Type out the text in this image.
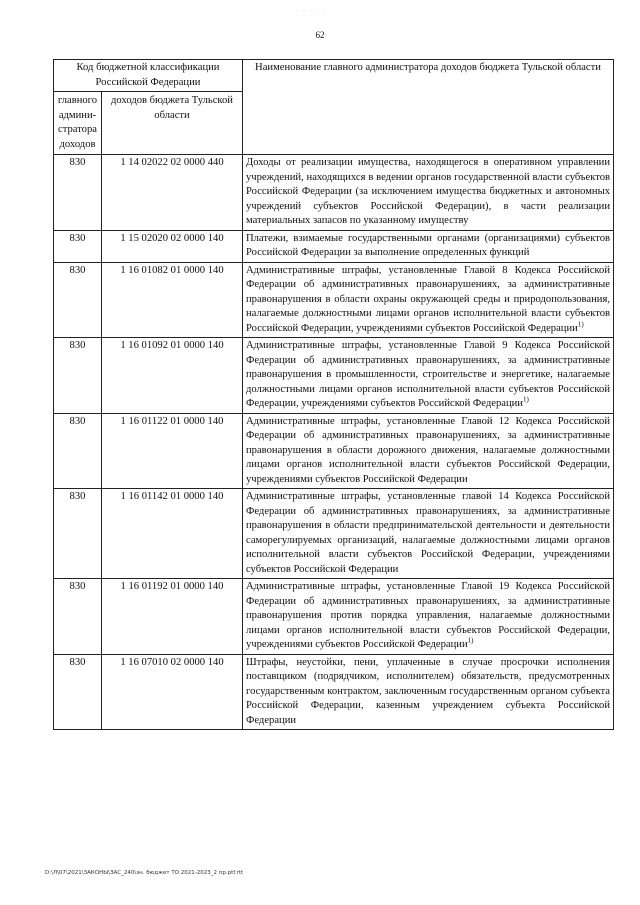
· . . . . .
62
Код бюджетной классификации Российской Федерации		Наименование главного администратора доходов бюджета Тульской области
главного админи-стратора доходов	доходов бюджета Тульской области	
830	1 14 02022 02 0000 440	Доходы от реализации имущества, находящегося в оперативном управлении учреждений, находящихся в ведении органов государственной власти субъектов Российской Федерации (за исключением имущества бюджетных и автономных учреждений субъектов Российской Федерации), в части реализации материальных запасов по указанному имуществу
830	1 15 02020 02 0000 140	Платежи, взимаемые государственными органами (организациями) субъектов Российской Федерации за выполнение определенных функций
830	1 16 01082 01 0000 140	Административные штрафы, установленные Главой 8 Кодекса Российской Федерации об административных правонарушениях, за административные правонарушения в области охраны окружающей среды и природопользования, налагаемые должностными лицами органов исполнительной власти субъектов Российской Федерации, учреждениями субъектов Российской Федерации$^{1)}$
830	1 16 01092 01 0000 140	Административные штрафы, установленные Главой 9 Кодекса Российской Федерации об административных правонарушениях, за административные правонарушения в промышленности, строительстве и энергетике, налагаемые должностными лицами органов исполнительной власти субъектов Российской Федерации, учреждениями субъектов Российской Федерации$^{1)}$
830	1 16 01122 01 0000 140	Административные штрафы, установленные Главой 12 Кодекса Российской Федерации об административных правонарушениях, за административные правонарушения в области дорожного движения, налагаемые должностными лицами органов исполнительной власти субъектов Российской Федерации, учреждениями субъектов Российской Федерации
830	1 16 01142 01 0000 140	Административные штрафы, установленные главой 14 Кодекса Российской Федерации об административных правонарушениях, за административные правонарушения в области предпринимательской деятельности и деятельности саморегулируемых организаций, налагаемые должностными лицами органов исполнительной власти субъектов Российской Федерации, учреждениями субъектов Российской Федерации
830	1 16 01192 01 0000 140	Административные штрафы, установленные Главой 19 Кодекса Российской Федерации об административных правонарушениях, за административные правонарушения против порядка управления, налагаемые должностными лицами органов исполнительной власти субъектов Российской Федерации, учреждениями субъектов Российской Федерации$^{1)}$
830	1 16 07010 02 0000 140	Штрафы, неустойки, пени, уплаченные в случае просрочки исполнения поставщиком (подрядчиком, исполнителем) обязательств, предусмотренных государственным контрактом, заключенным государственным органом субъекта Российской Федерации, казенным учреждением субъекта Российской Федерации
D:\Л\07\2021\ЗАКОНЫ\ЗАС_240\зн. бюджет ТО 2021-2023_2 пр.рtf.rtt
